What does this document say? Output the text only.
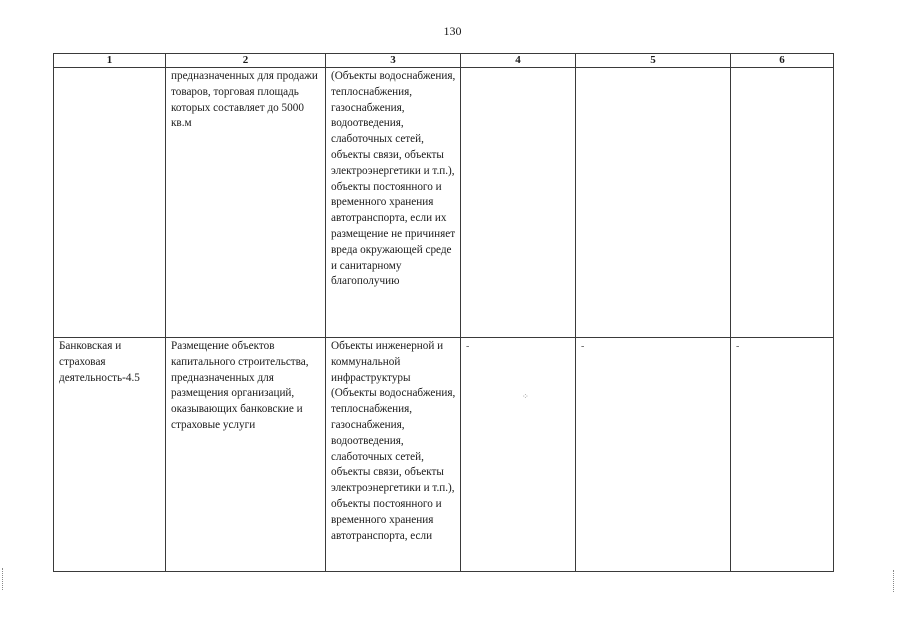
130
1	2	3	4	5	6
	предназначенных для продажи товаров, торговая площадь которых составляет до 5000 кв.м	(Объекты водоснабжения, теплоснабжения, газоснабжения, водоотведения, слаботочных сетей, объекты связи, объекты электроэнергетики и т.п.), объекты постоянного и временного хранения автотранспорта, если их размещение не причиняет вреда окружающей среде и санитарному благополучию			
Банковская и страховая деятельность-4.5	Размещение объектов капитального строительства, предназначенных для размещения организаций, оказывающих банковские и страховые услуги	Объекты инженерной и коммунальной инфраструктуры (Объекты водоснабжения, теплоснабжения, газоснабжения, водоотведения, слаботочных сетей, объекты связи, объекты электроэнергетики и т.п.), объекты постоянного и временного хранения автотранспорта, если	-	-	-
⁘
